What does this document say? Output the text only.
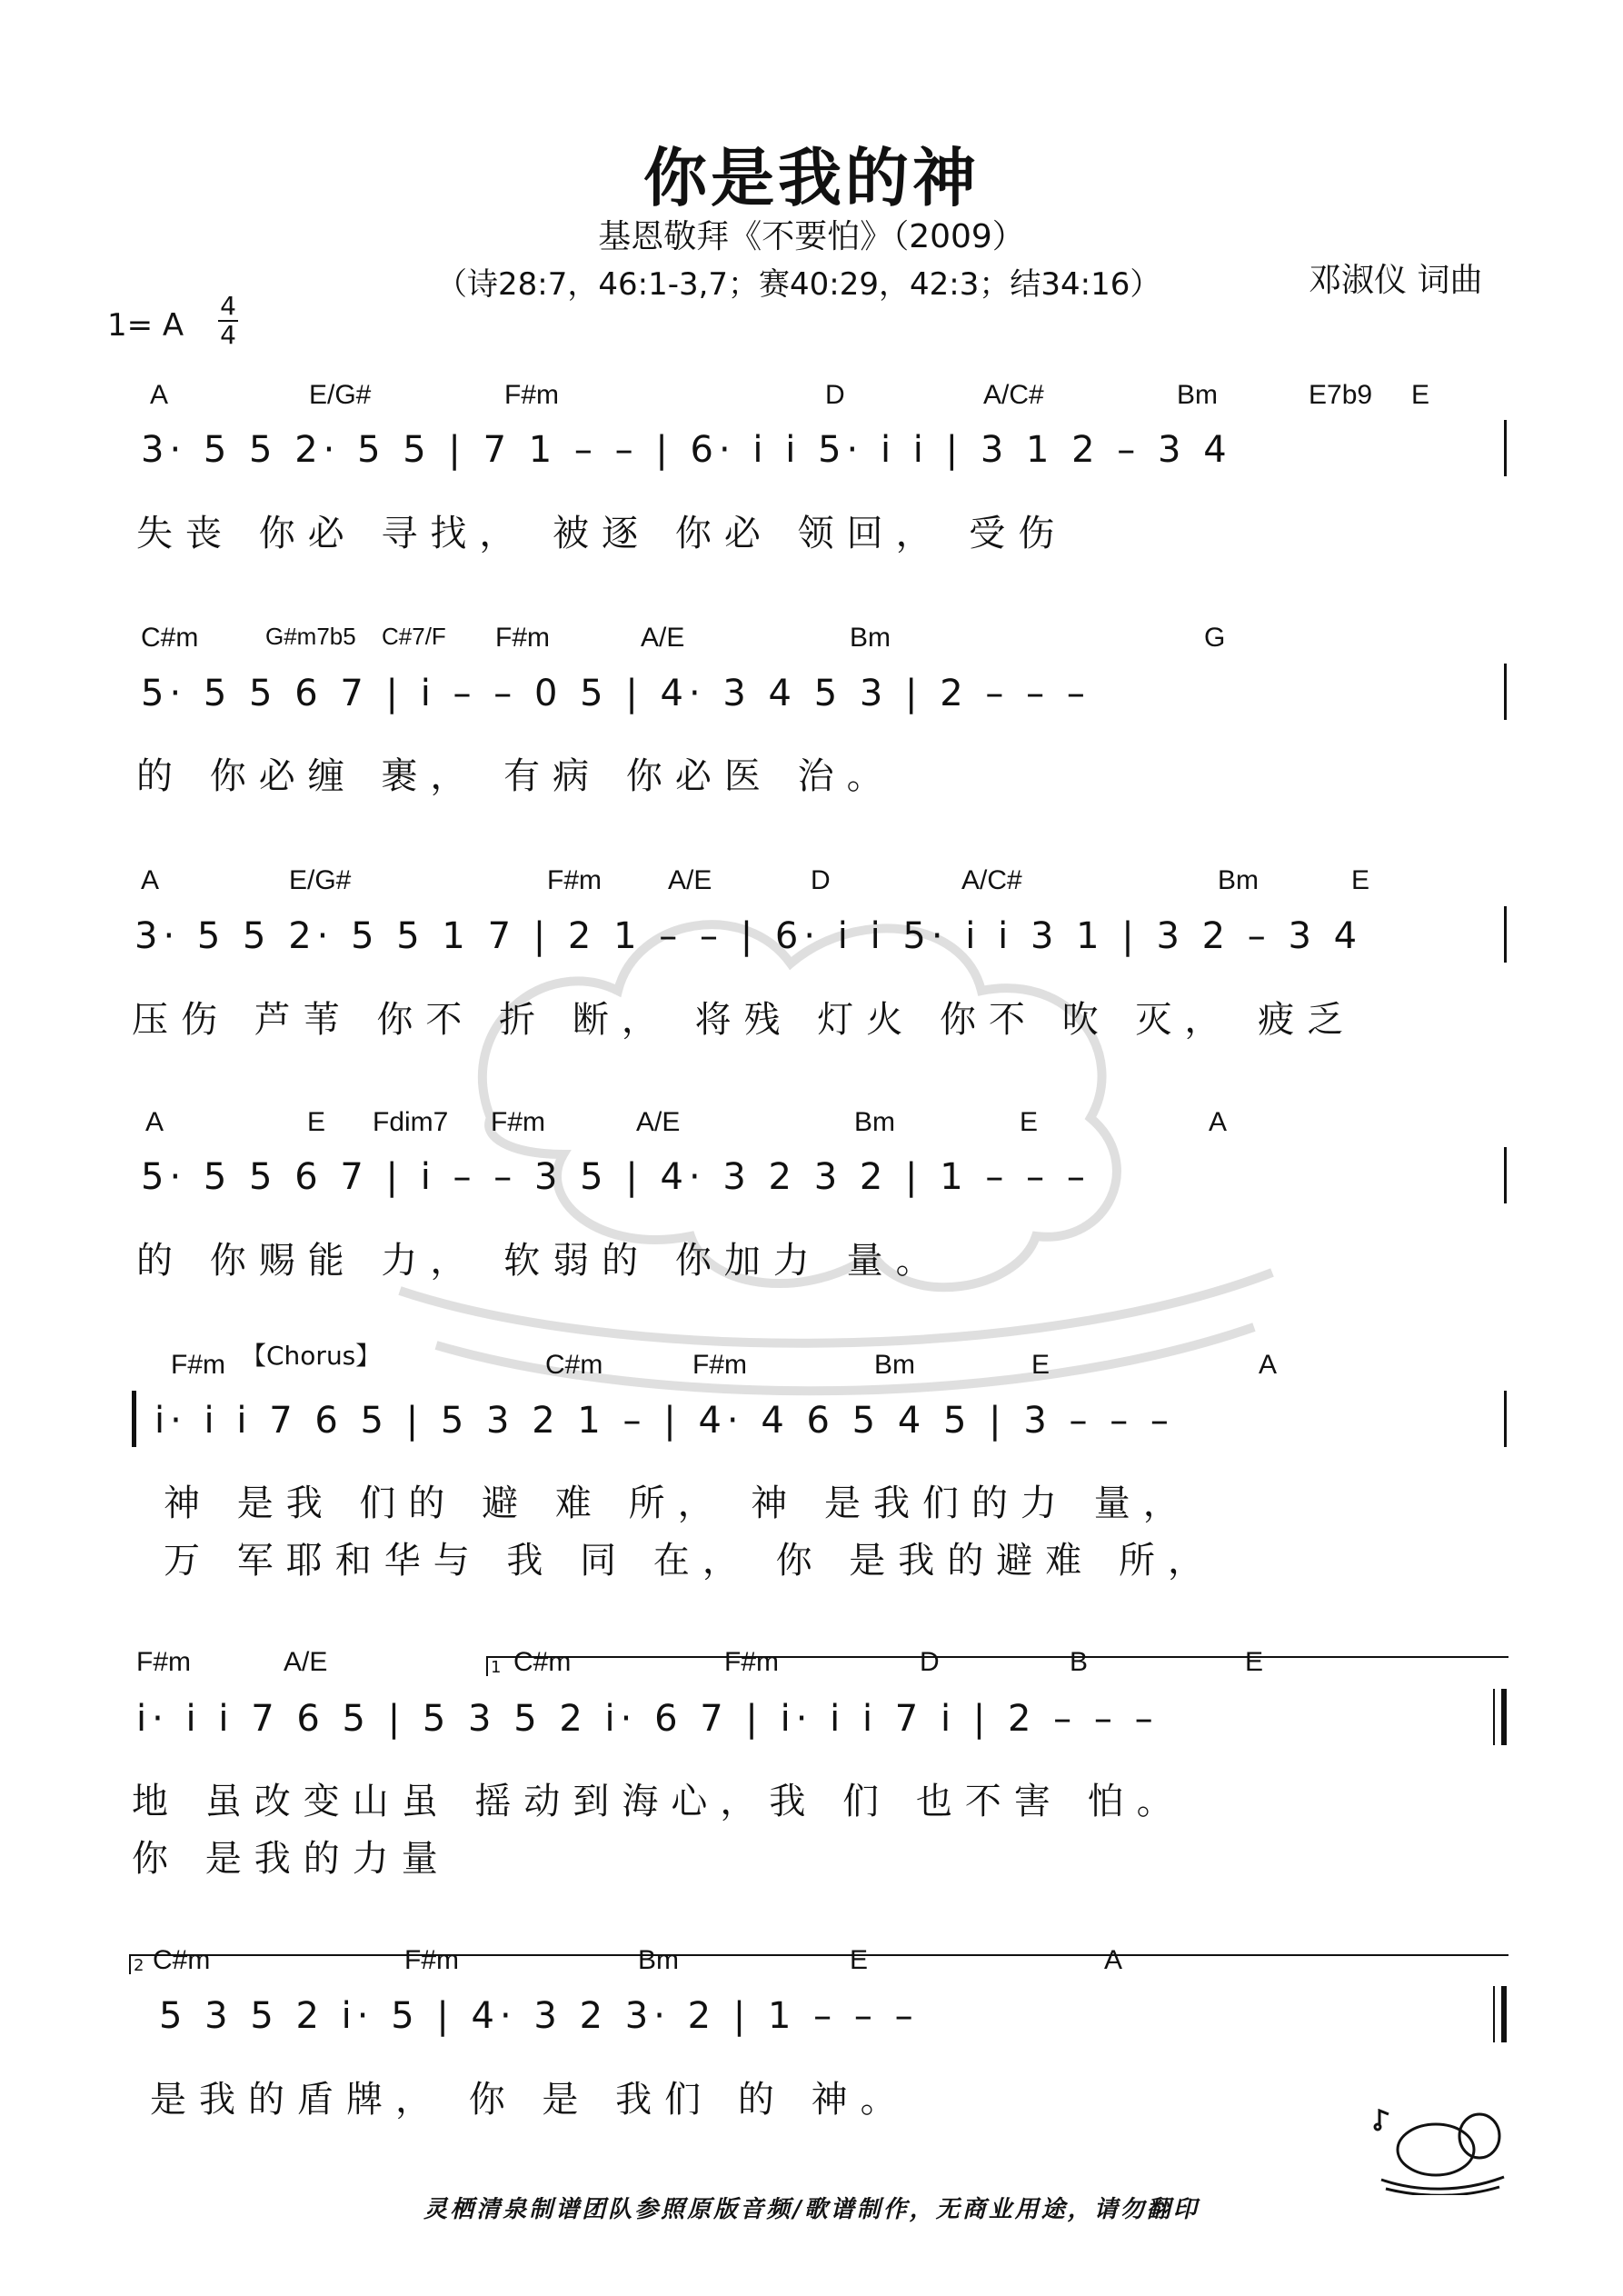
你是我的神
基恩敬拜《不要怕》（2009）
（诗28:7，46:1-3,7；赛40:29，42:3；结34:16）	邓淑仪 词曲
1= A
4
4
A	E/G#	F#m	D	A/C#	Bm	E7b9 E
3· 5 5 2· 5 5 | 7 1 – – | 6· i i 5· i i | 3 1 2 – 3 4
失丧 你必 寻找， 被逐 你必 领回， 受伤
C#m	G#m7b5 C#7/F F#m	A/E	Bm	G
5· 5 5 6 7 | i – – 0 5 | 4· 3 4 5 3 | 2 – – –
的 你必缠 裹， 有病 你必医 治。
A	E/G#	F#m A/E	D	A/C#	Bm	E
3· 5 5 2· 5 5 1 7 | 2 1 – – | 6· i i 5· i i 3 1 | 3 2 – 3 4
压伤 芦苇 你不 折 断， 将残 灯火 你不 吹 灭， 疲乏
A	E Fdim7 F#m	A/E	Bm	E	A
5· 5 5 6 7 | i – – 3 5 | 4· 3 2 3 2 | 1 – – –
的 你赐能 力， 软弱的 你加力 量。
F#m 【Chorus】	C#m	F#m	Bm	E	A
i· i i 7 6 5 | 5 3 2 1 – | 4· 4 6 5 4 5 | 3 – – –
神 是我 们的 避 难 所， 神 是我们的力 量，
万 军耶和华与 我 同 在， 你 是我的避难 所，
F#m	A/E	1 C#m	F#m	D	B	E
i· i i 7 6 5 | 5 3 5 2 i· 6 7 | i· i i 7 i | 2 – – –
地 虽改变山虽 摇动到海心，我 们 也不害 怕。
你 是我的力量
2 C#m	F#m	Bm	E	A
5 3 5 2 i· 5 | 4· 3 2 3· 2 | 1 – – –
是我的盾牌， 你 是 我们 的 神。
灵栖清泉制谱团队参照原版音频/歌谱制作，无商业用途，请勿翻印
